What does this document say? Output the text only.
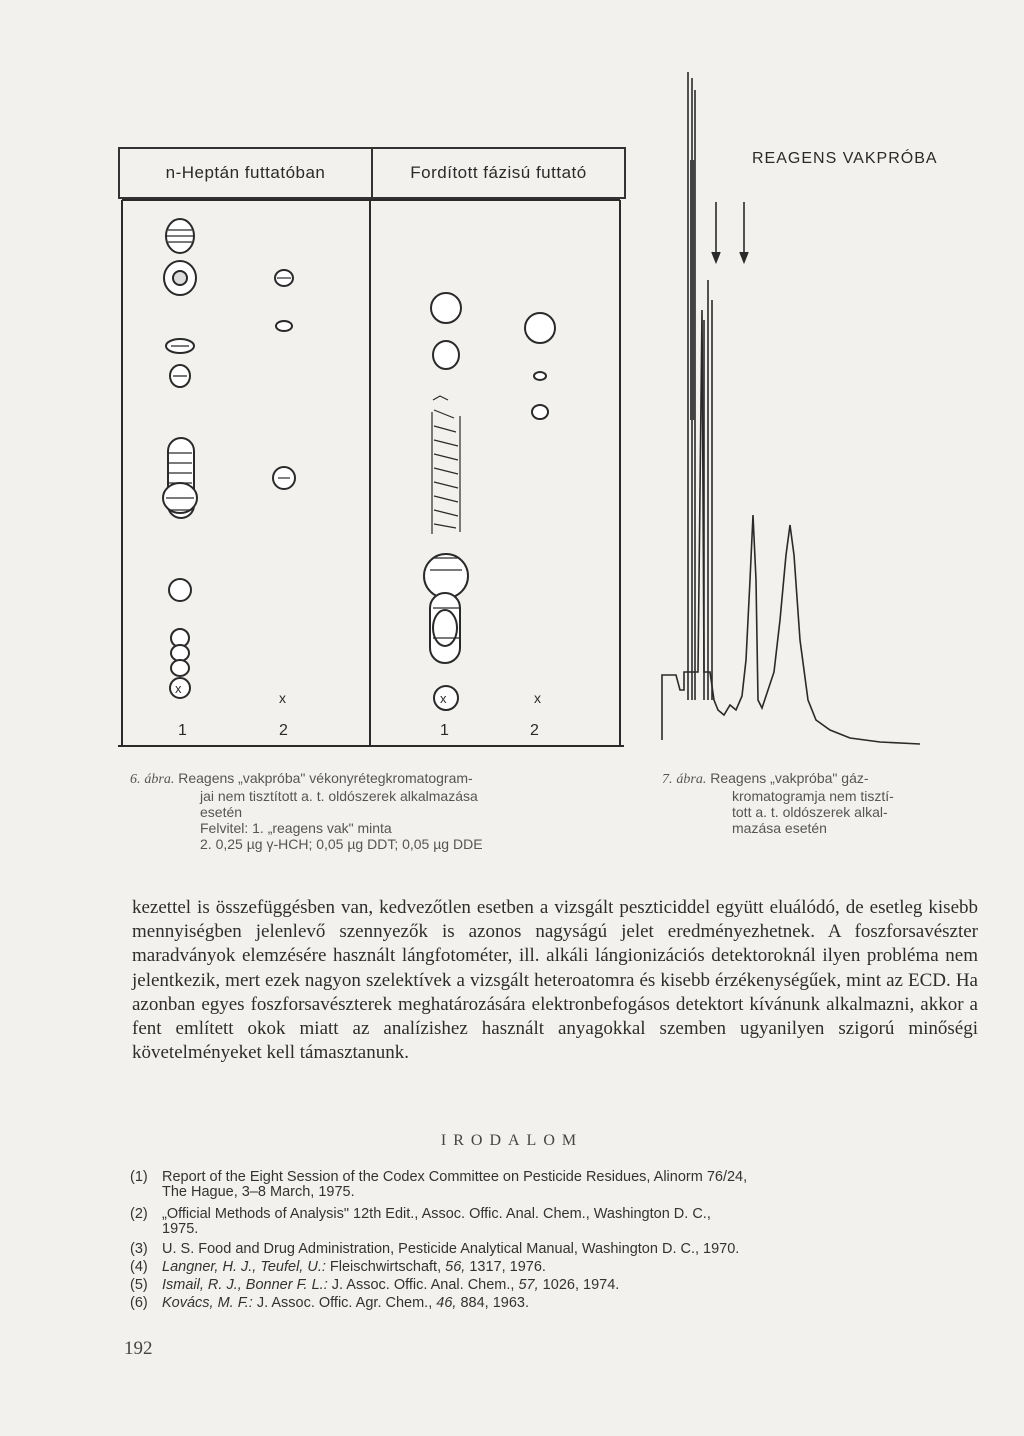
n-Heptán futtatóban	Fordított fázisú futtató
x
x	x	x
1	2	1	2
REAGENS VAKPRÓBA
6. ábra. Reagens „vakpróba" vékonyrétegkromatogram-
jai nem tisztított a. t. oldószerek alkalmazása
esetén
Felvitel: 1. „reagens vak" minta
2. 0,25 µg γ-HCH; 0,05 µg DDT; 0,05 µg DDE
7. ábra. Reagens „vakpróba" gáz-
kromatogramja nem tisztí-
tott a. t. oldószerek alkal-
mazása esetén
kezettel is összefüggésben van, kedvezőtlen esetben a vizsgált peszticiddel együtt eluálódó, de esetleg kisebb mennyiségben jelenlevő szennyezők is azonos nagyságú jelet eredményezhetnek. A foszforsavészter maradványok elemzésére használt lángfotométer, ill. alkáli lángionizációs detektoroknál ilyen probléma nem jelentkezik, mert ezek nagyon szelektívek a vizsgált heteroatomra és kisebb érzékenységűek, mint az ECD. Ha azonban egyes foszforsavészterek meghatározására elektronbefogásos detektort kívánunk alkalmazni, akkor a fent említett okok miatt az analízishez használt anyagokkal szemben ugyanilyen szigorú minőségi követelményeket kell támasztanunk.
IRODALOM
(1) Report of the Eight Session of the Codex Committee on Pesticide Residues, Alinorm 76/24,
The Hague, 3–8 March, 1975.
(2) „Official Methods of Analysis" 12th Edit., Assoc. Offic. Anal. Chem., Washington D. C.,
1975.
(3) U. S. Food and Drug Administration, Pesticide Analytical Manual, Washington D. C., 1970.
(4) Langner, H. J., Teufel, U.: Fleischwirtschaft, 56, 1317, 1976.
(5) Ismail, R. J., Bonner F. L.: J. Assoc. Offic. Anal. Chem., 57, 1026, 1974.
(6) Kovács, M. F.: J. Assoc. Offic. Agr. Chem., 46, 884, 1963.
192
